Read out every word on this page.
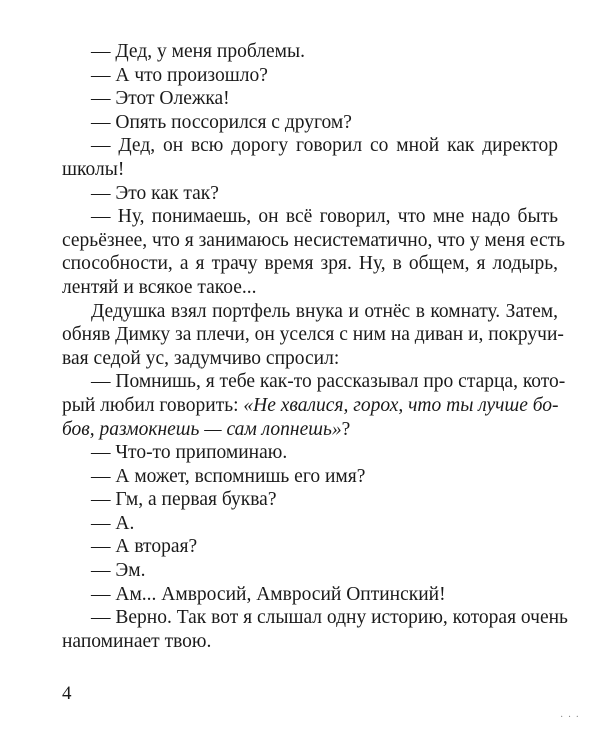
— Дед, у меня проблемы.
— А что произошло?
— Этот Олежка!
— Опять поссорился с другом?
— Дед, он всю дорогу говорил со мной как директор
школы!
— Это как так?
— Ну, понимаешь, он всё говорил, что мне надо быть
серьёзнее, что я занимаюсь несистематично, что у меня есть
способности, а я трачу время зря. Ну, в общем, я лодырь,
лентяй и всякое такое...
Дедушка взял портфель внука и отнёс в комнату. Затем,
обняв Димку за плечи, он уселся с ним на диван и, покручи-
вая седой ус, задумчиво спросил:
— Помнишь, я тебе как-то рассказывал про старца, кото-
рый любил говорить: «Не хвалися, горох, что ты лучше бо-
бов, размокнешь — сам лопнешь»?
— Что-то припоминаю.
— А может, вспомнишь его имя?
— Гм, а первая буква?
— А.
— А вторая?
— Эм.
— Ам... Амвросий, Амвросий Оптинский!
— Верно. Так вот я слышал одну историю, которая очень
напоминает твою.
4
· · ·
